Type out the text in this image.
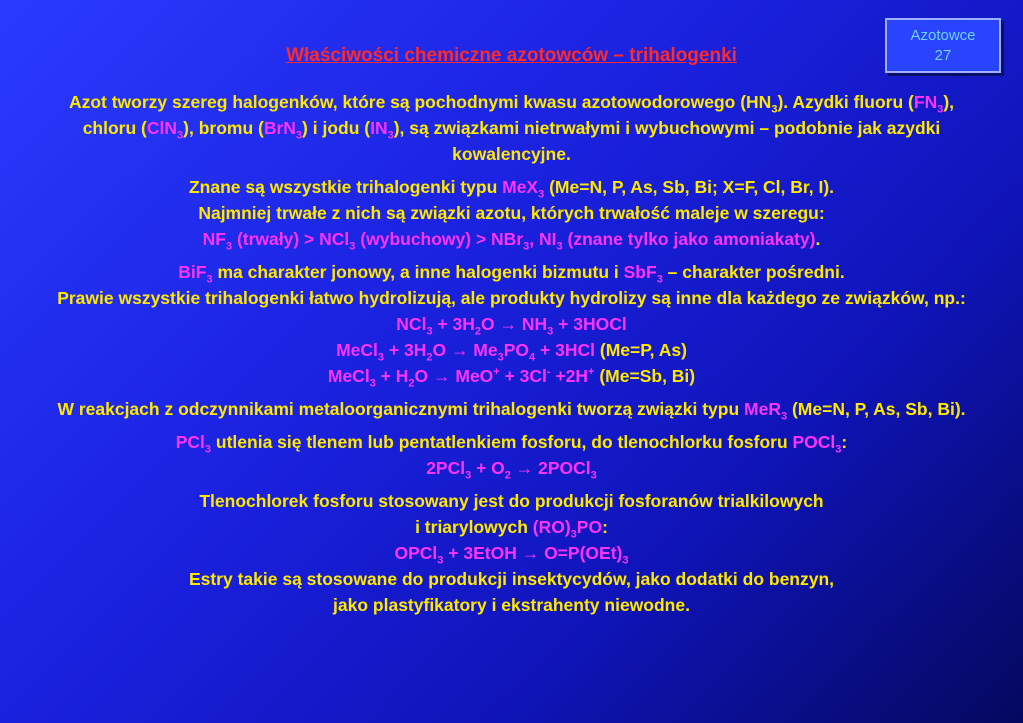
Azotowce
27
Właściwości chemiczne azotowców – trihalogenki

Azot tworzy szereg halogenków, które są pochodnymi kwasu azotowodorowego $(HN_3)$. Azydki fluoru $(FN_3)$, chloru (ClN$_3$), bromu (BrN$_3$) i jodu $(IN_3)$, są związkami nietrwałymi i wybuchowymi – podobnie jak azydki kowalencyjne.

Znane są wszystkie trihalogenki typu MeX$_3$ (Me=N, P, As, Sb, Bi; X=F, Cl, Br, I).
Najmniej trwałe z nich są związki azotu, których trwałość maleje w szeregu:
$NF_3$ (trwały) > NCl$_3$ (wybuchowy) > NBr$_3$, $NI_3$ (znane tylko jako amoniakaty).

BiF$_3$ ma charakter jonowy, a inne halogenki bizmutu i SbF$_3$ – charakter pośredni.
Prawie wszystkie trihalogenki łatwo hydrolizują, ale produkty hydrolizy są inne dla każdego ze związków, np.:
$NCl_3 + 3H_2O \to NH_3$ + 3HOCl
MeCl$_3$ + $3H_2O \to Me_3PO_4 + 3HCl$ (Me=P, As)
MeCl$_3$ + $H_2O \to MeO^+ + 3Cl^- +2H^+$ (Me=Sb, Bi)

W reakcjach z odczynnikami metaloorganicznymi trihalogenki tworzą związki typu MeR$_3$ (Me=N, P, As, Sb, Bi).

PCl$_3$ utlenia się tlenem lub pentatlenkiem fosforu, do tlenochlorku fosforu POCl$_3$:
$2PCl_3 + O_2$ → 2POCl$_3$

Tlenochlorek fosforu stosowany jest do produkcji fosforanów trialkilowych
i triarylowych $(RO)_3PO$:
OPCl$_3$ + 3EtOH → $O=P(OEt)_3$
Estry takie są stosowane do produkcji insektycydów, jako dodatki do benzyn,
jako plastyfikatory i ekstrahenty niewodne.
